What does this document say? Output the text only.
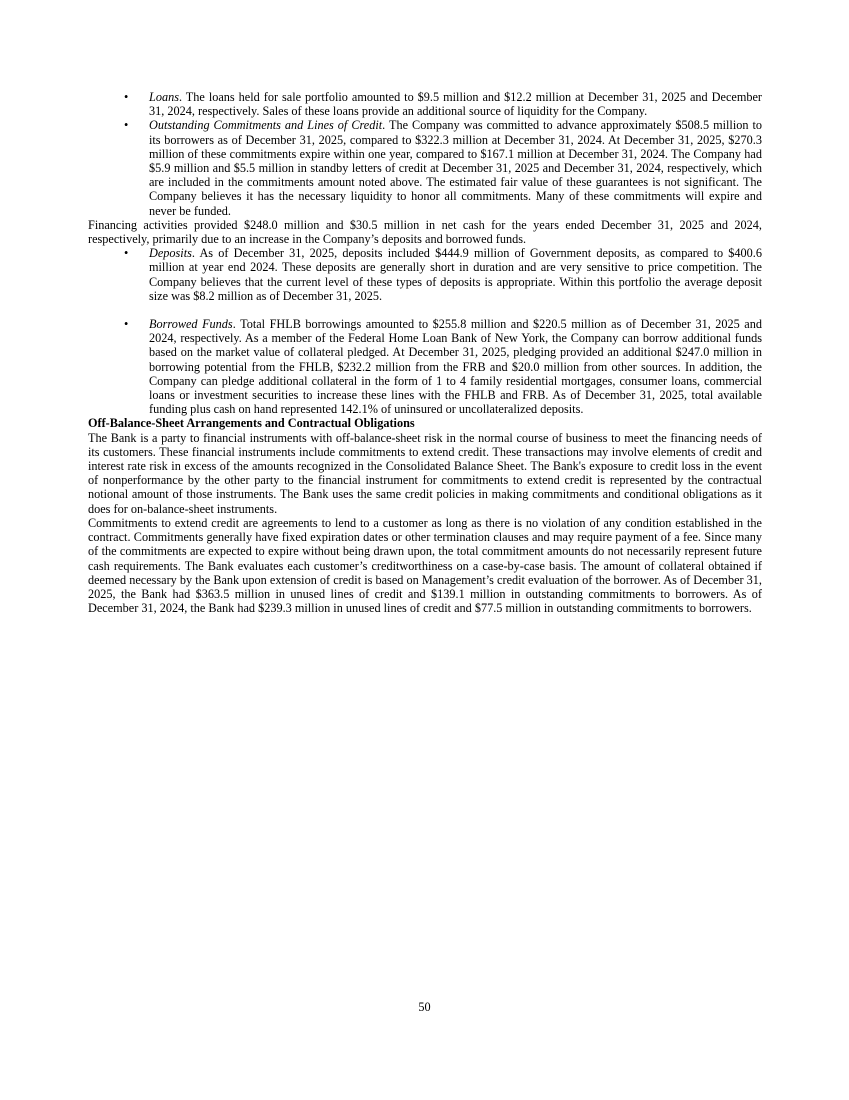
• Loans. The loans held for sale portfolio amounted to $9.5 million and $12.2 million at December 31, 2025 and December 31, 2024, respectively. Sales of these loans provide an additional source of liquidity for the Company.
• Outstanding Commitments and Lines of Credit. The Company was committed to advance approximately $508.5 million to its borrowers as of December 31, 2025, compared to $322.3 million at December 31, 2024. At December 31, 2025, $270.3 million of these commitments expire within one year, compared to $167.1 million at December 31, 2024. The Company had $5.9 million and $5.5 million in standby letters of credit at December 31, 2025 and December 31, 2024, respectively, which are included in the commitments amount noted above. The estimated fair value of these guarantees is not significant. The Company believes it has the necessary liquidity to honor all commitments. Many of these commitments will expire and never be funded.

Financing activities provided $248.0 million and $30.5 million in net cash for the years ended December 31, 2025 and 2024, respectively, primarily due to an increase in the Company’s deposits and borrowed funds.

• Deposits. As of December 31, 2025, deposits included $444.9 million of Government deposits, as compared to $400.6 million at year end 2024. These deposits are generally short in duration and are very sensitive to price competition. The Company believes that the current level of these types of deposits is appropriate. Within this portfolio the average deposit size was $8.2 million as of December 31, 2025.
• Borrowed Funds. Total FHLB borrowings amounted to $255.8 million and $220.5 million as of December 31, 2025 and 2024, respectively. As a member of the Federal Home Loan Bank of New York, the Company can borrow additional funds based on the market value of collateral pledged. At December 31, 2025, pledging provided an additional $247.0 million in borrowing potential from the FHLB, $232.2 million from the FRB and $20.0 million from other sources. In addition, the Company can pledge additional collateral in the form of 1 to 4 family residential mortgages, consumer loans, commercial loans or investment securities to increase these lines with the FHLB and FRB. As of December 31, 2025, total available funding plus cash on hand represented 142.1% of uninsured or uncollateralized deposits.

Off-Balance-Sheet Arrangements and Contractual Obligations

The Bank is a party to financial instruments with off-balance-sheet risk in the normal course of business to meet the financing needs of its customers. These financial instruments include commitments to extend credit. These transactions may involve elements of credit and interest rate risk in excess of the amounts recognized in the Consolidated Balance Sheet. The Bank's exposure to credit loss in the event of nonperformance by the other party to the financial instrument for commitments to extend credit is represented by the contractual notional amount of those instruments. The Bank uses the same credit policies in making commitments and conditional obligations as it does for on-balance-sheet instruments.

Commitments to extend credit are agreements to lend to a customer as long as there is no violation of any condition established in the contract. Commitments generally have fixed expiration dates or other termination clauses and may require payment of a fee. Since many of the commitments are expected to expire without being drawn upon, the total commitment amounts do not necessarily represent future cash requirements. The Bank evaluates each customer’s creditworthiness on a case-by-case basis. The amount of collateral obtained if deemed necessary by the Bank upon extension of credit is based on Management’s credit evaluation of the borrower. As of December 31, 2025, the Bank had $363.5 million in unused lines of credit and $139.1 million in outstanding commitments to borrowers. As of December 31, 2024, the Bank had $239.3 million in unused lines of credit and $77.5 million in outstanding commitments to borrowers.

50
